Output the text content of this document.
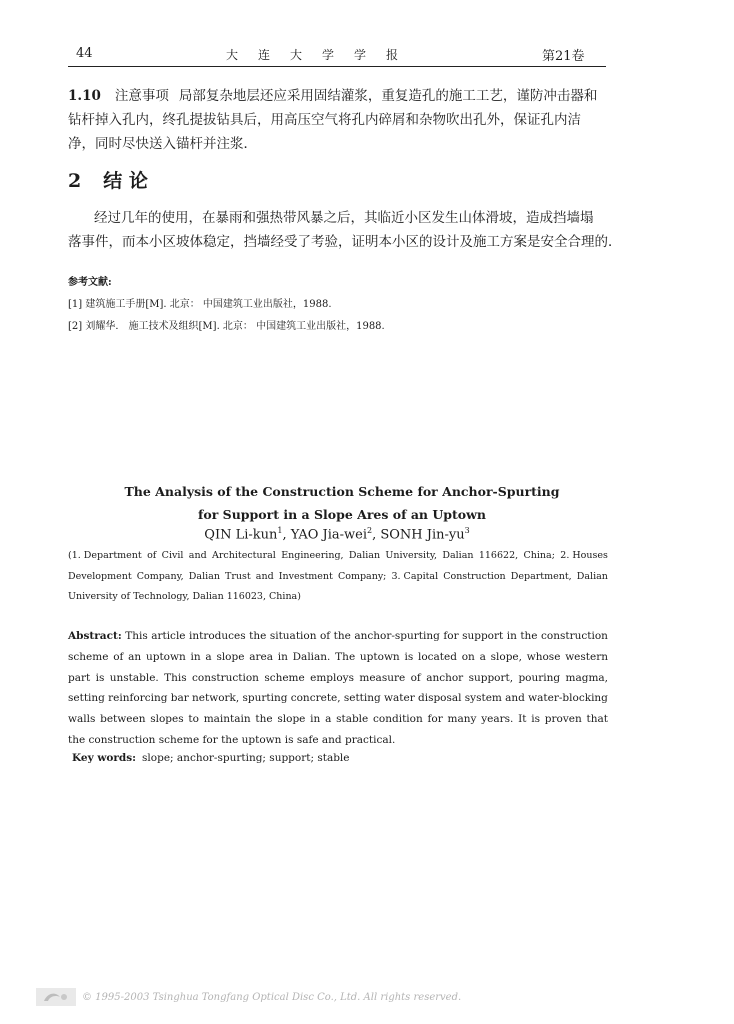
44	大连大学学报	第21卷
1.10 注意事项 局部复杂地层还应采用固结灌浆，重复造孔的施工工艺，谨防冲击器和
钻杆掉入孔内，终孔提拔钻具后，用高压空气将孔内碎屑和杂物吹出孔外，保证孔内洁
净，同时尽快送入锚杆并注浆．
2 结 论
经过几年的使用，在暴雨和强热带风暴之后，其临近小区发生山体滑坡，造成挡墙塌
落事件，而本小区坡体稳定，挡墙经受了考验，证明本小区的设计及施工方案是安全合理的．
参考文献:
[1] 建筑施工手册[M]. 北京： 中国建筑工业出版社，1988.
[2] 刘耀华． 施工技术及组织[M]. 北京： 中国建筑工业出版社，1988.
The Analysis of the Construction Scheme for Anchor-Spurting
for Support in a Slope Ares of an Uptown
QIN Li-kun$^1$, YAO Jia-wei$^2$, SONH Jin-$yu^3$
(1. Department of Civil and Architectural Engineering, Dalian University, Dalian 116622, China; 2. Houses
Development Company, Dalian Trust and Investment Company; 3. Capital Construction Department, Dalian
University of Technology, Dalian 116023, China)
Abstract: This article introduces the situation of the anchor-spurting for support in the construction
scheme of an uptown in a slope area in Dalian. The uptown is located on a slope, whose western
part is unstable. This construction scheme employs measure of anchor support, pouring magma,
setting reinforcing bar network, spurting concrete, setting water disposal system and water-blocking
walls between slopes to maintain the slope in a stable condition for many years. It is proven that
the construction scheme for the uptown is safe and practical.
Key words: slope; anchor-spurting; support; stable
© 1995-2003 Tsinghua Tongfang Optical Disc Co., Ltd. All rights reserved.
